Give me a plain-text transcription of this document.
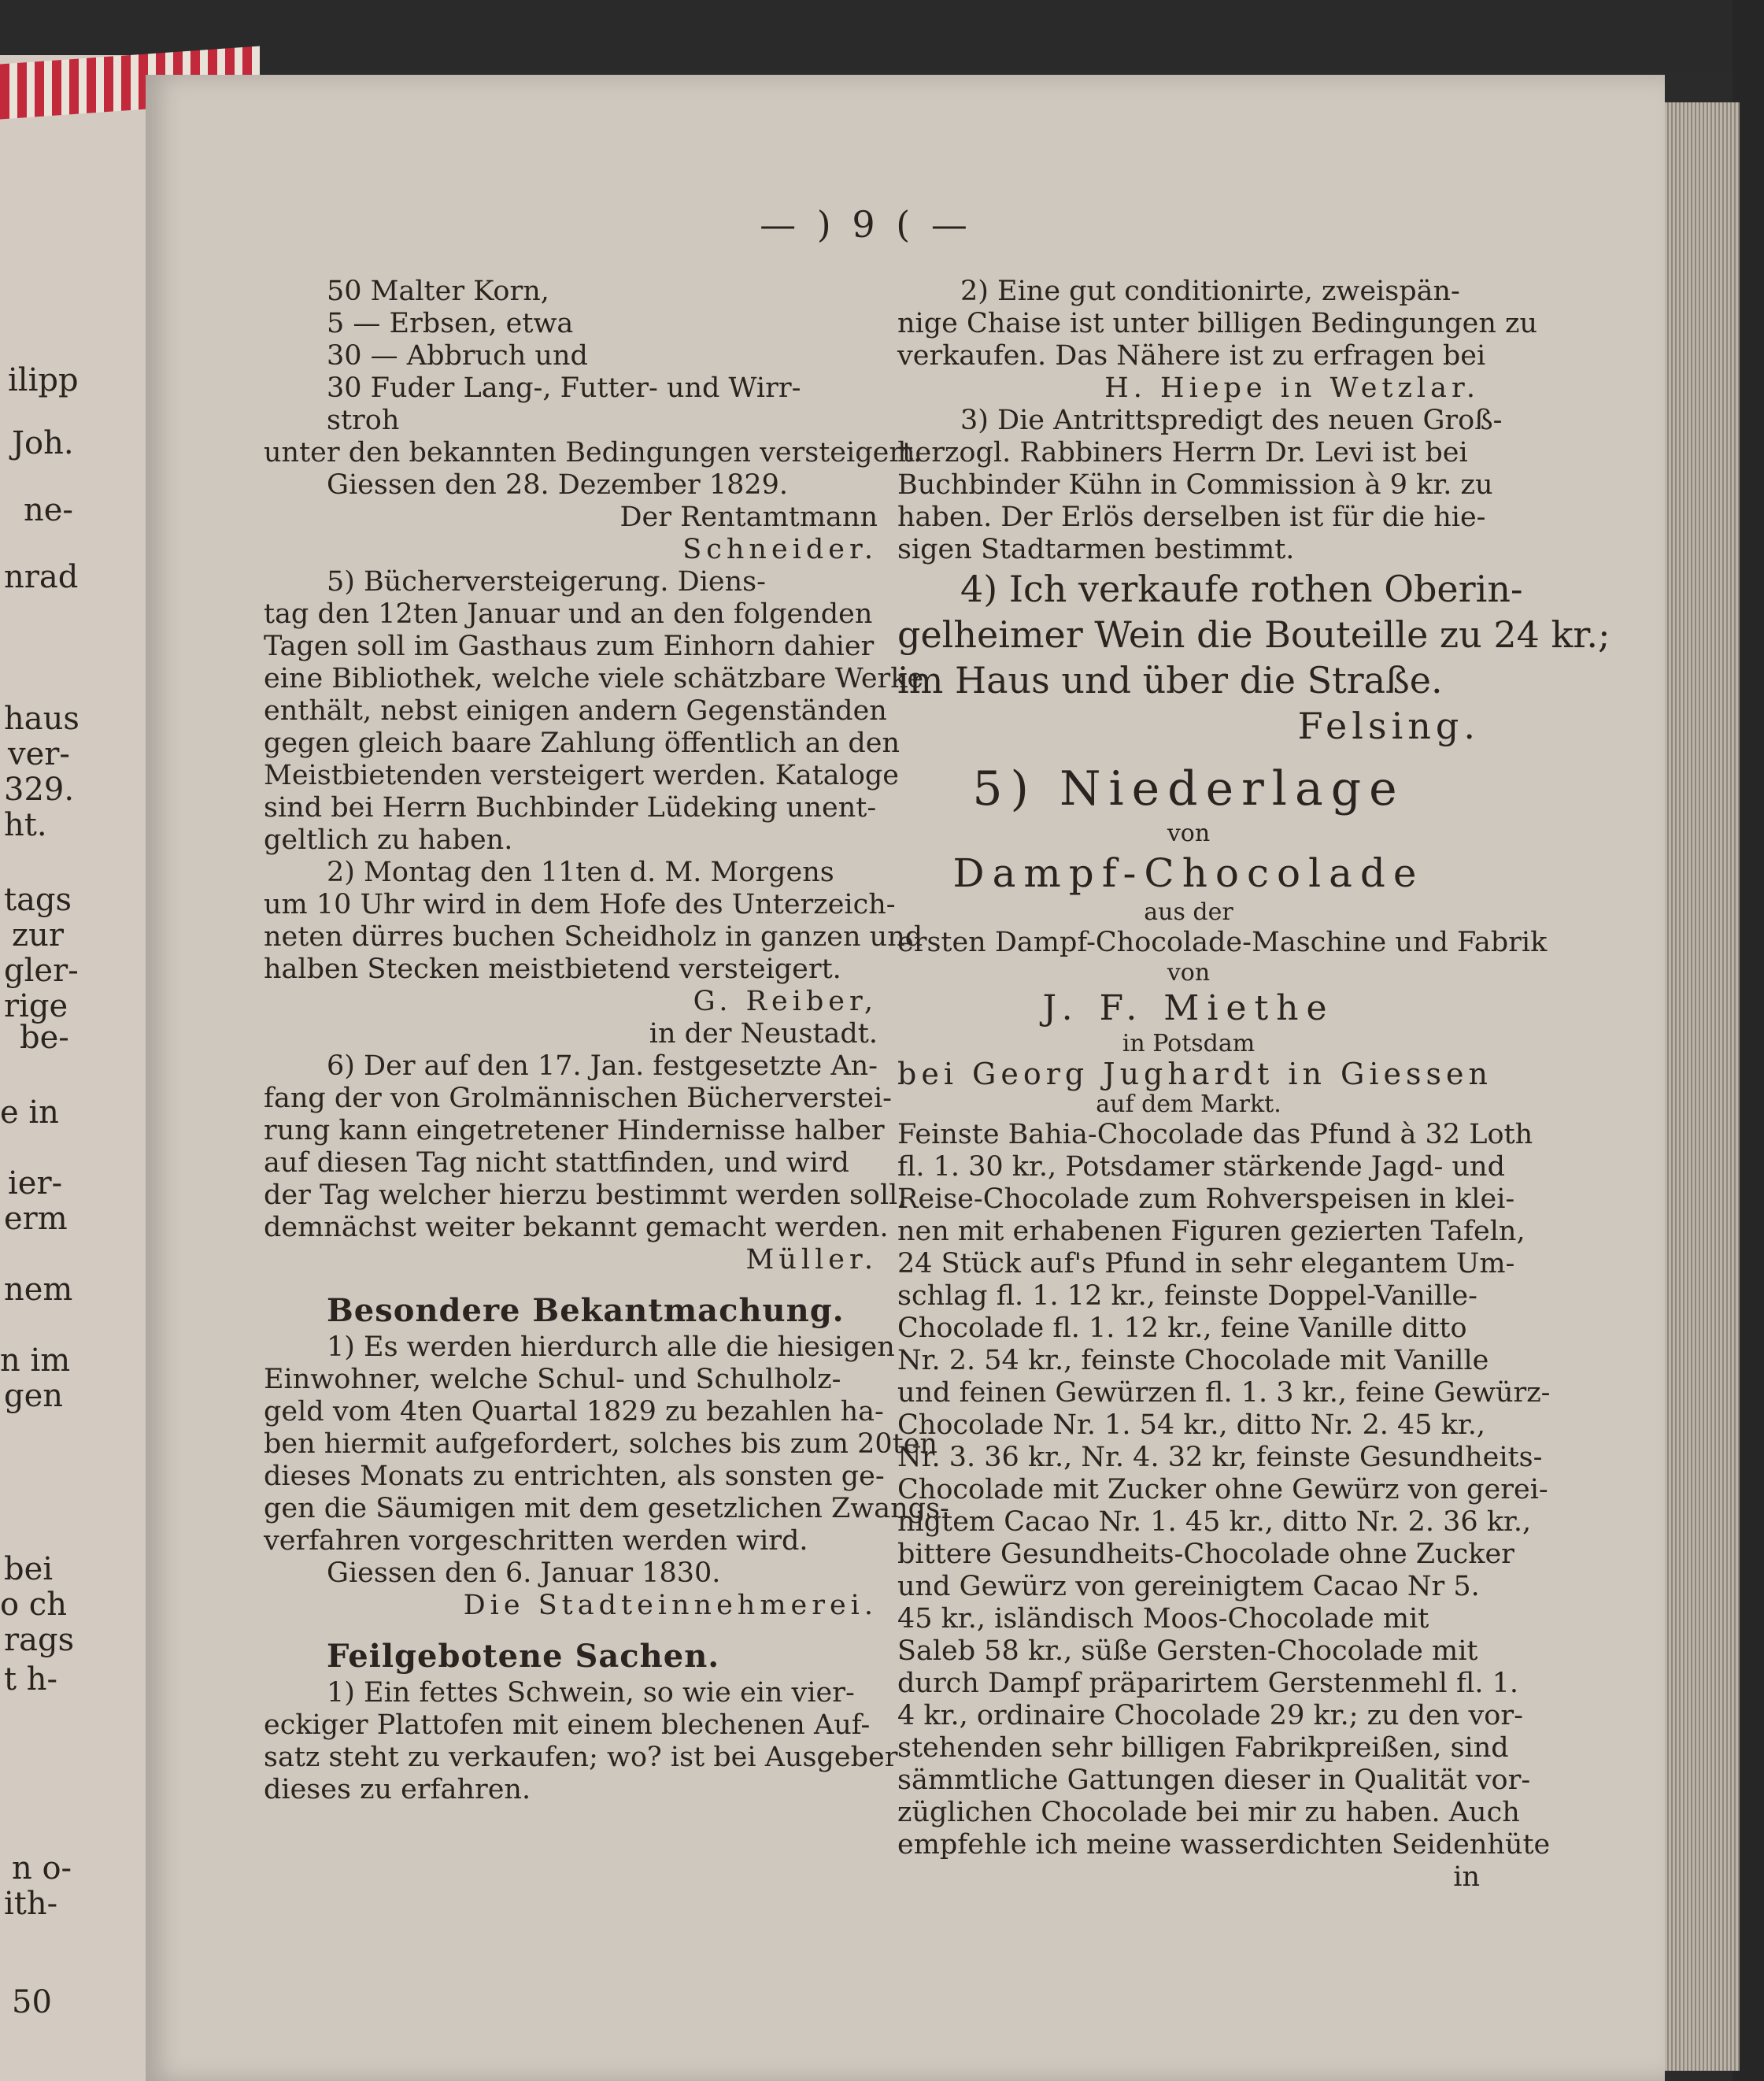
ilipp
Joh.
ne-
nrad
haus
ver-
329.
ht.
tags
zur
gler-
rige
be-
e in
ier-
erm
nem
n im
gen
bei
o ch
rags
t h-
n o-
ith-
50
— ) 9 ( —
50 Malter Korn,
5 — Erbsen, etwa
30 — Abbruch und
30 Fuder Lang-, Futter- und Wirr-
stroh
unter den bekannten Bedingungen versteigert.
Giessen den 28. Dezember 1829.
Der Rentamtmann
Schneider.
5) Bücherversteigerung. Diens-
tag den 12ten Januar und an den folgenden
Tagen soll im Gasthaus zum Einhorn dahier
eine Bibliothek, welche viele schätzbare Werke
enthält, nebst einigen andern Gegenständen
gegen gleich baare Zahlung öffentlich an den
Meistbietenden versteigert werden. Kataloge
sind bei Herrn Buchbinder Lüdeking unent-
geltlich zu haben.
2) Montag den 11ten d. M. Morgens
um 10 Uhr wird in dem Hofe des Unterzeich-
neten dürres buchen Scheidholz in ganzen und
halben Stecken meistbietend versteigert.
G. Reiber,
in der Neustadt.
6) Der auf den 17. Jan. festgesetzte An-
fang der von Grolmännischen Bücherverstei-
rung kann eingetretener Hindernisse halber
auf diesen Tag nicht stattfinden, und wird
der Tag welcher hierzu bestimmt werden soll,
demnächst weiter bekannt gemacht werden.
Müller.
Besondere Bekantmachung.
1) Es werden hierdurch alle die hiesigen
Einwohner, welche Schul- und Schulholz-
geld vom 4ten Quartal 1829 zu bezahlen ha-
ben hiermit aufgefordert, solches bis zum 20ten
dieses Monats zu entrichten, als sonsten ge-
gen die Säumigen mit dem gesetzlichen Zwangs-
verfahren vorgeschritten werden wird.
Giessen den 6. Januar 1830.
Die Stadteinnehmerei.
Feilgebotene Sachen.
1) Ein fettes Schwein, so wie ein vier-
eckiger Plattofen mit einem blechenen Auf-
satz steht zu verkaufen; wo? ist bei Ausgeber
dieses zu erfahren.
2) Eine gut conditionirte, zweispän-
nige Chaise ist unter billigen Bedingungen zu
verkaufen. Das Nähere ist zu erfragen bei
H. Hiepe in Wetzlar.
3) Die Antrittspredigt des neuen Groß-
herzogl. Rabbiners Herrn Dr. Levi ist bei
Buchbinder Kühn in Commission à 9 kr. zu
haben. Der Erlös derselben ist für die hie-
sigen Stadtarmen bestimmt.
4) Ich verkaufe rothen Oberin-
gelheimer Wein die Bouteille zu 24 kr.;
im Haus und über die Straße.
Felsing.
5) Niederlage
von
Dampf-Chocolade
aus der
ersten Dampf-Chocolade-Maschine und Fabrik
von
J. F. Miethe
in Potsdam
bei Georg Jughardt in Giessen
auf dem Markt.
Feinste Bahia-Chocolade das Pfund à 32 Loth
fl. 1. 30 kr., Potsdamer stärkende Jagd- und
Reise-Chocolade zum Rohverspeisen in klei-
nen mit erhabenen Figuren gezierten Tafeln,
24 Stück auf's Pfund in sehr elegantem Um-
schlag fl. 1. 12 kr., feinste Doppel-Vanille-
Chocolade fl. 1. 12 kr., feine Vanille ditto
Nr. 2. 54 kr., feinste Chocolade mit Vanille
und feinen Gewürzen fl. 1. 3 kr., feine Gewürz-
Chocolade Nr. 1. 54 kr., ditto Nr. 2. 45 kr.,
Nr. 3. 36 kr., Nr. 4. 32 kr, feinste Gesundheits-
Chocolade mit Zucker ohne Gewürz von gerei-
nigtem Cacao Nr. 1. 45 kr., ditto Nr. 2. 36 kr.,
bittere Gesundheits-Chocolade ohne Zucker
und Gewürz von gereinigtem Cacao Nr 5.
45 kr., isländisch Moos-Chocolade mit
Saleb 58 kr., süße Gersten-Chocolade mit
durch Dampf präparirtem Gerstenmehl fl. 1.
4 kr., ordinaire Chocolade 29 kr.; zu den vor-
stehenden sehr billigen Fabrikpreißen, sind
sämmtliche Gattungen dieser in Qualität vor-
züglichen Chocolade bei mir zu haben. Auch
empfehle ich meine wasserdichten Seidenhüte
in
